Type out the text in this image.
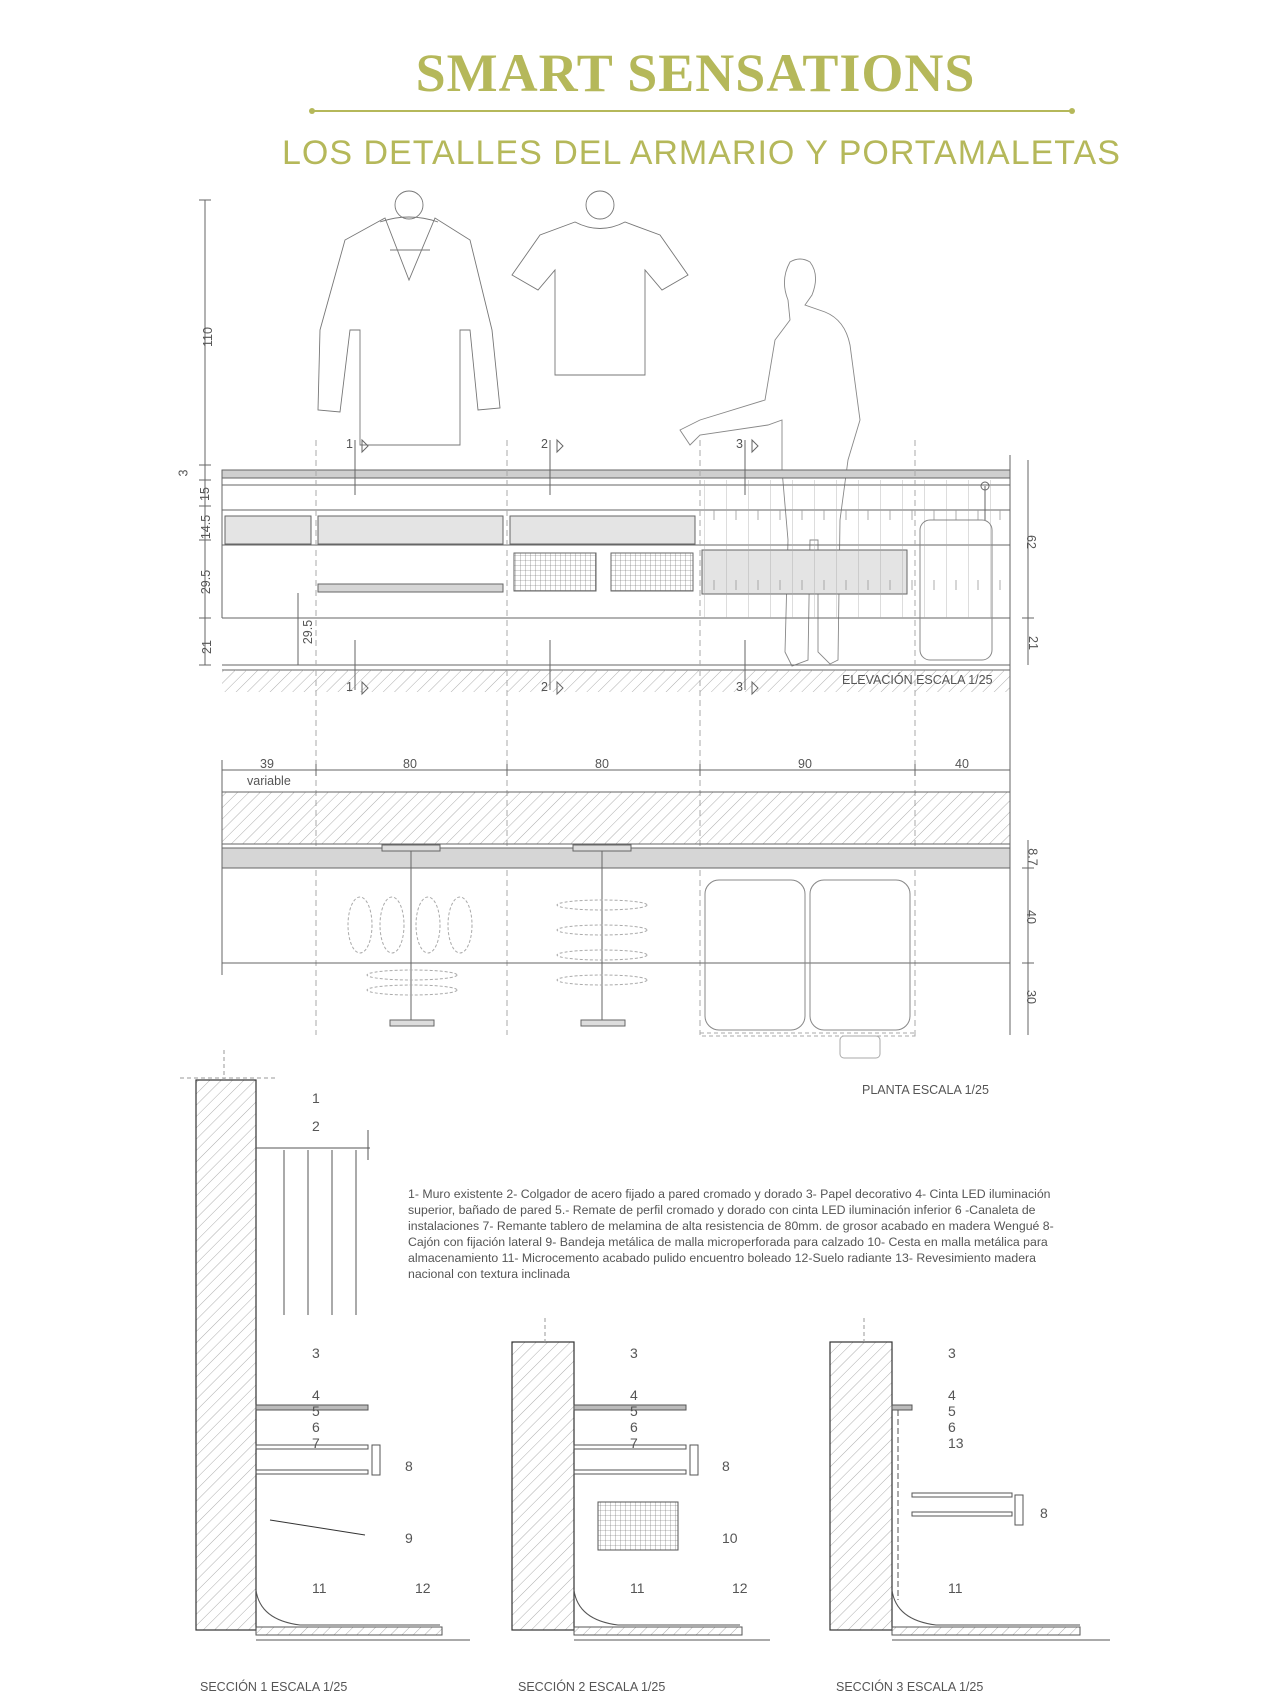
SMART SENSATIONS
LOS DETALLES DEL ARMARIO Y PORTAMALETAS
110
3
15
14.5
29.5
21
29.5
62
21
1	2	3
1	2	3	ELEVACIÓN ESCALA 1/25
39
variable
80	80	90	40
8.7
40
30
PLANTA ESCALA 1/25
1- Muro existente 2- Colgador de acero fijado a pared cromado y dorado 3- Papel decorativo 4- Cinta LED iluminación superior, bañado de pared 5.- Remate de perfil cromado y dorado con cinta LED iluminación inferior 6 -Canaleta de instalaciones 7- Remante tablero de melamina de alta resistencia de 80mm. de grosor acabado en madera Wengué 8- Cajón con fijación lateral 9- Bandeja metálica de malla microperforada para calzado 10- Cesta en malla metálica para almacenamiento 11- Microcemento acabado pulido encuentro boleado 12-Suelo radiante 13- Revesimiento madera nacional con textura inclinada
1
2
3
4
5
6
7
8
9
11	12
SECCIÓN 1 ESCALA 1/25
3
4
5
6
7
8
10
11	12
SECCIÓN 2 ESCALA 1/25
3
4
5
6
13
8
11
SECCIÓN 3 ESCALA 1/25
